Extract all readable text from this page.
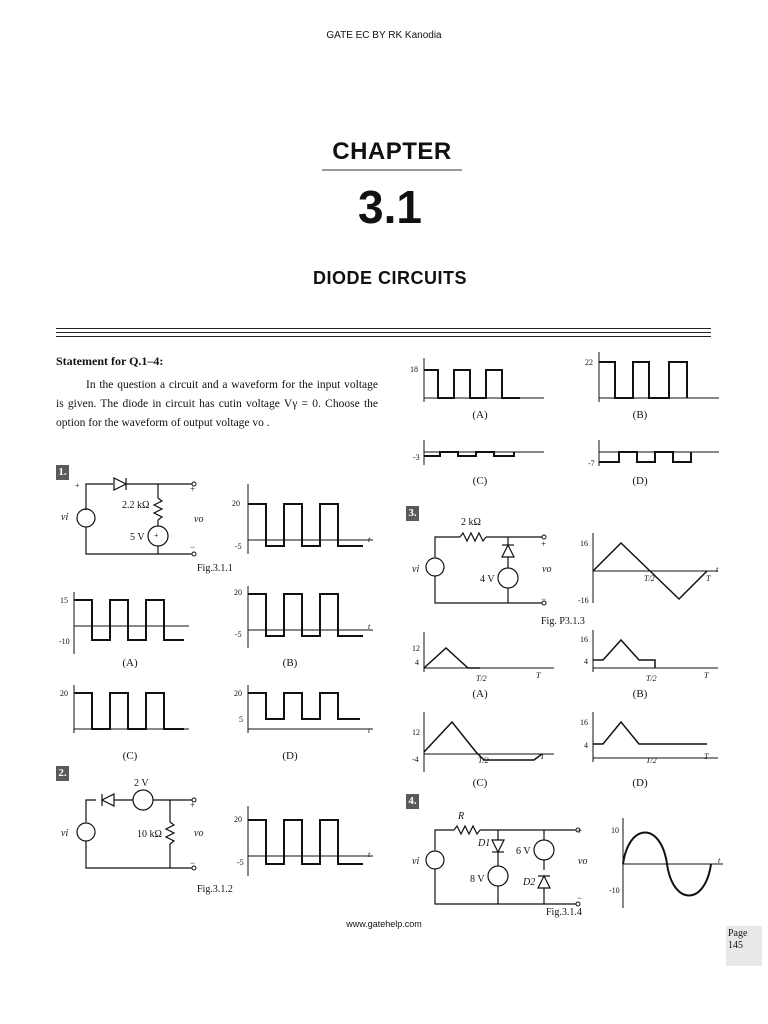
GATE EC BY RK Kanodia
CHAPTER
3.1
DIODE CIRCUITS
Statement for Q.1–4:
In the question a circuit and a waveform for the input voltage is given. The diode in circuit has cutin voltage Vγ = 0. Choose the option for the waveform of output voltage vo .
1.
2.
3.
4.
+
+
+
−
vi	vo
2.2 kΩ
5 V
Fig.3.1.1
20
-5
t
15
-10
(A)
20
-5
t
(B)
20
(C)
20
5
t
(D)
2 V
10 kΩ
vi	vo
+
−
Fig.3.1.2
20
-5
t
18
(A)
22
(B)
-3
(C)
-7
(D)
2 kΩ
4 V
vi	vo
+
−
Fig. P3.1.3
16
-16
T/2	T
t
12
4
T/2	T
(A)
16
4
T/2	T
(B)
12
-4	T/2	T
(C)
16
4
T/2	T
(D)
R
D1
8 V
6 V
D2
vi	vo
+
−
Fig.3.1.4
10
-10
t
www.gatehelp.com
Page
145
